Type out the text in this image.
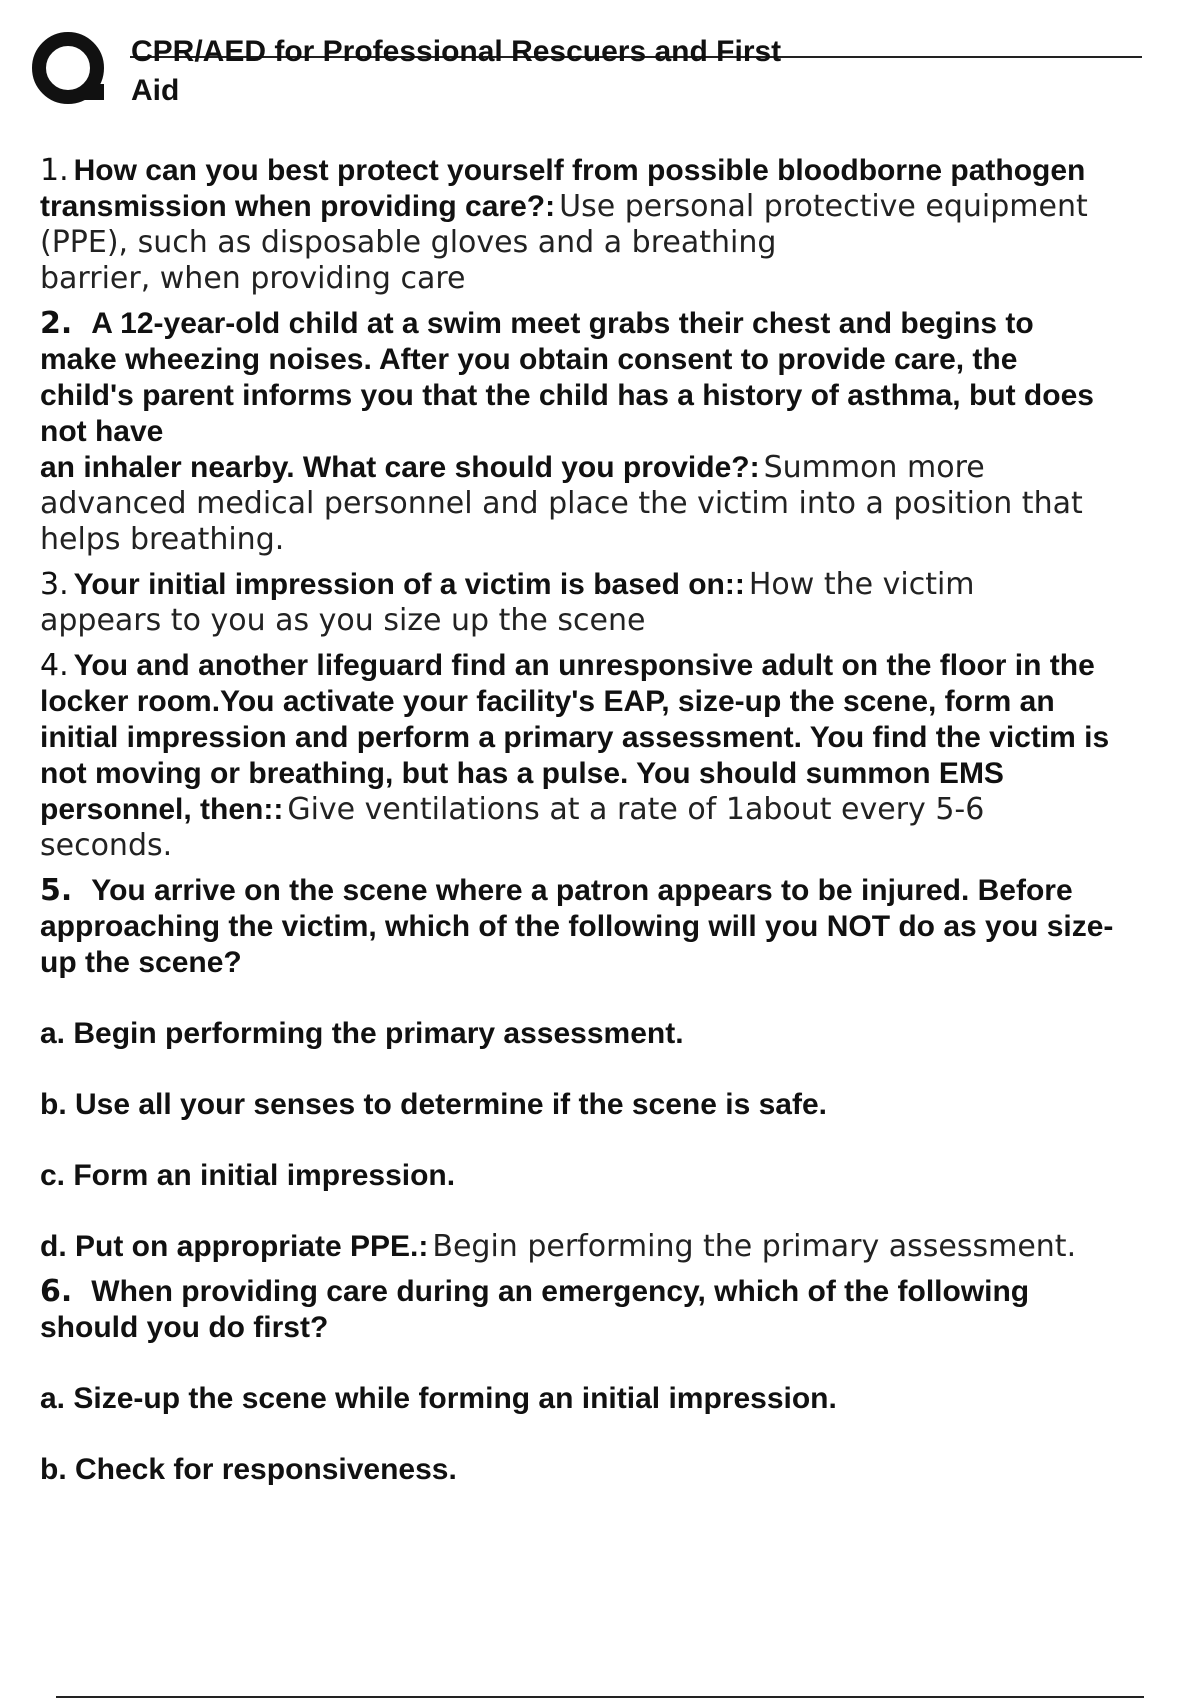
CPR/AED for Professional Rescuers and First
Aid
1. How can you best protect yourself from possible bloodborne pathogen
transmission when providing care?: Use personal protective equipment
(PPE), such as disposable gloves and a breathing
barrier, when providing care
2. A 12-year-old child at a swim meet grabs their chest and begins to
make wheezing noises. After you obtain consent to provide care, the
child's parent informs you that the child has a history of asthma, but does
not have
an inhaler nearby. What care should you provide?: Summon more
advanced medical personnel and place the victim into a position that
helps breathing.
3. Your initial impression of a victim is based on:: How the victim
appears to you as you size up the scene
4. You and another lifeguard find an unresponsive adult on the floor in the
locker room.You activate your facility's EAP, size-up the scene, form an
initial impression and perform a primary assessment. You find the victim is
not moving or breathing, but has a pulse. You should summon EMS
personnel, then:: Give ventilations at a rate of 1about every 5-6
seconds.
5. You arrive on the scene where a patron appears to be injured. Before
approaching the victim, which of the following will you NOT do as you size-
up the scene?
a. Begin performing the primary assessment.
b. Use all your senses to determine if the scene is safe.
c. Form an initial impression.
d. Put on appropriate PPE.: Begin performing the primary assessment.
6. When providing care during an emergency, which of the following
should you do first?
a. Size-up the scene while forming an initial impression.
b. Check for responsiveness.
